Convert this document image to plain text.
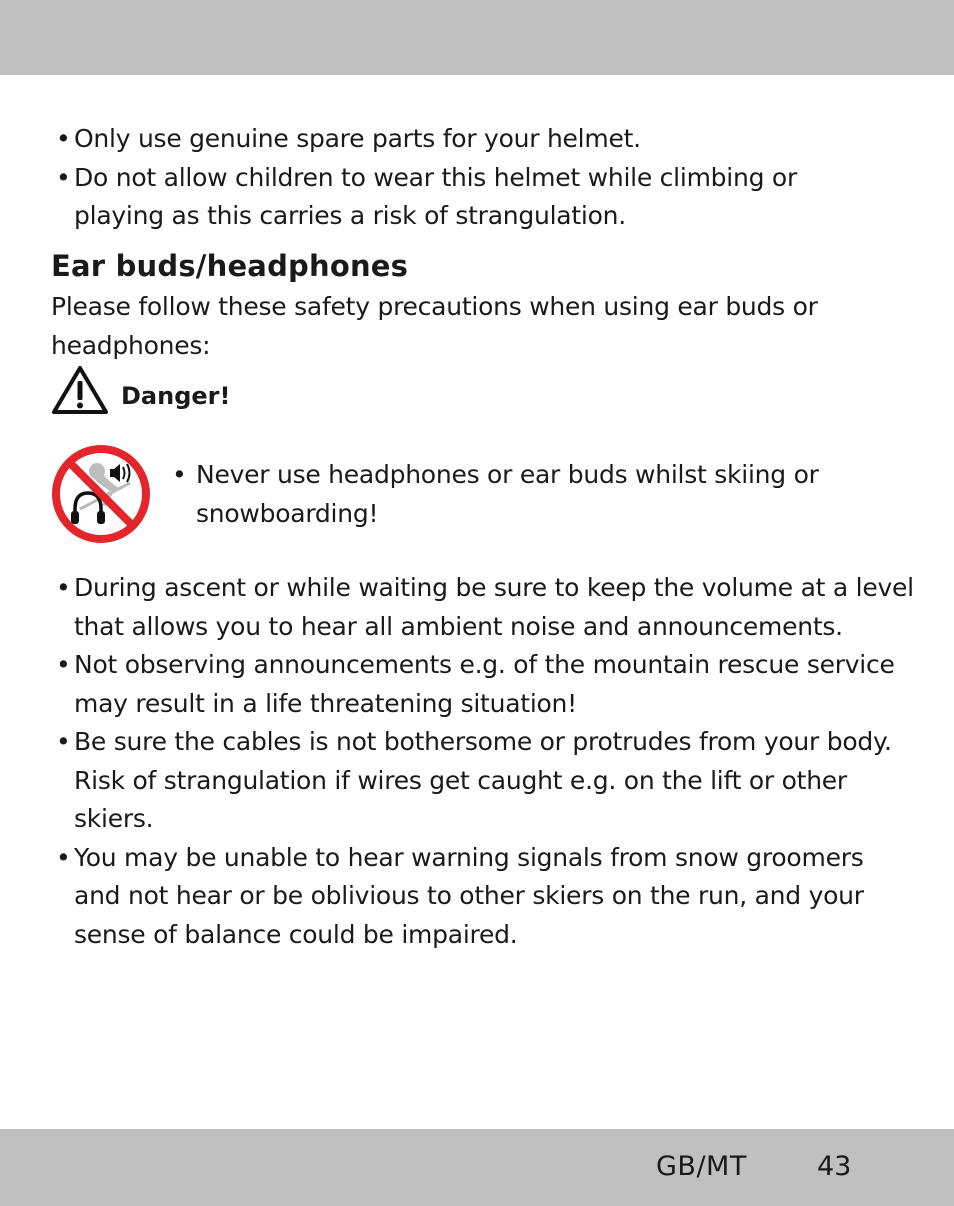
• Only use genuine spare parts for your helmet.
• Do not allow children to wear this helmet while climbing or playing as this carries a risk of strangulation.
Ear buds/headphones

Please follow these safety precautions when using ear buds or headphones:

Danger!

• Never use headphones or ear buds whilst skiing or snowboarding!

• During ascent or while waiting be sure to keep the volume at a level that allows you to hear all ambient noise and announcements.
• Not observing announcements e.g. of the mountain rescue service may result in a life threatening situation!
• Be sure the cables is not bothersome or protrudes from your body. Risk of strangulation if wires get caught e.g. on the lift or other skiers.
• You may be unable to hear warning signals from snow groomers and not hear or be oblivious to other skiers on the run, and your sense of balance could be impaired.
GB/MT	43
